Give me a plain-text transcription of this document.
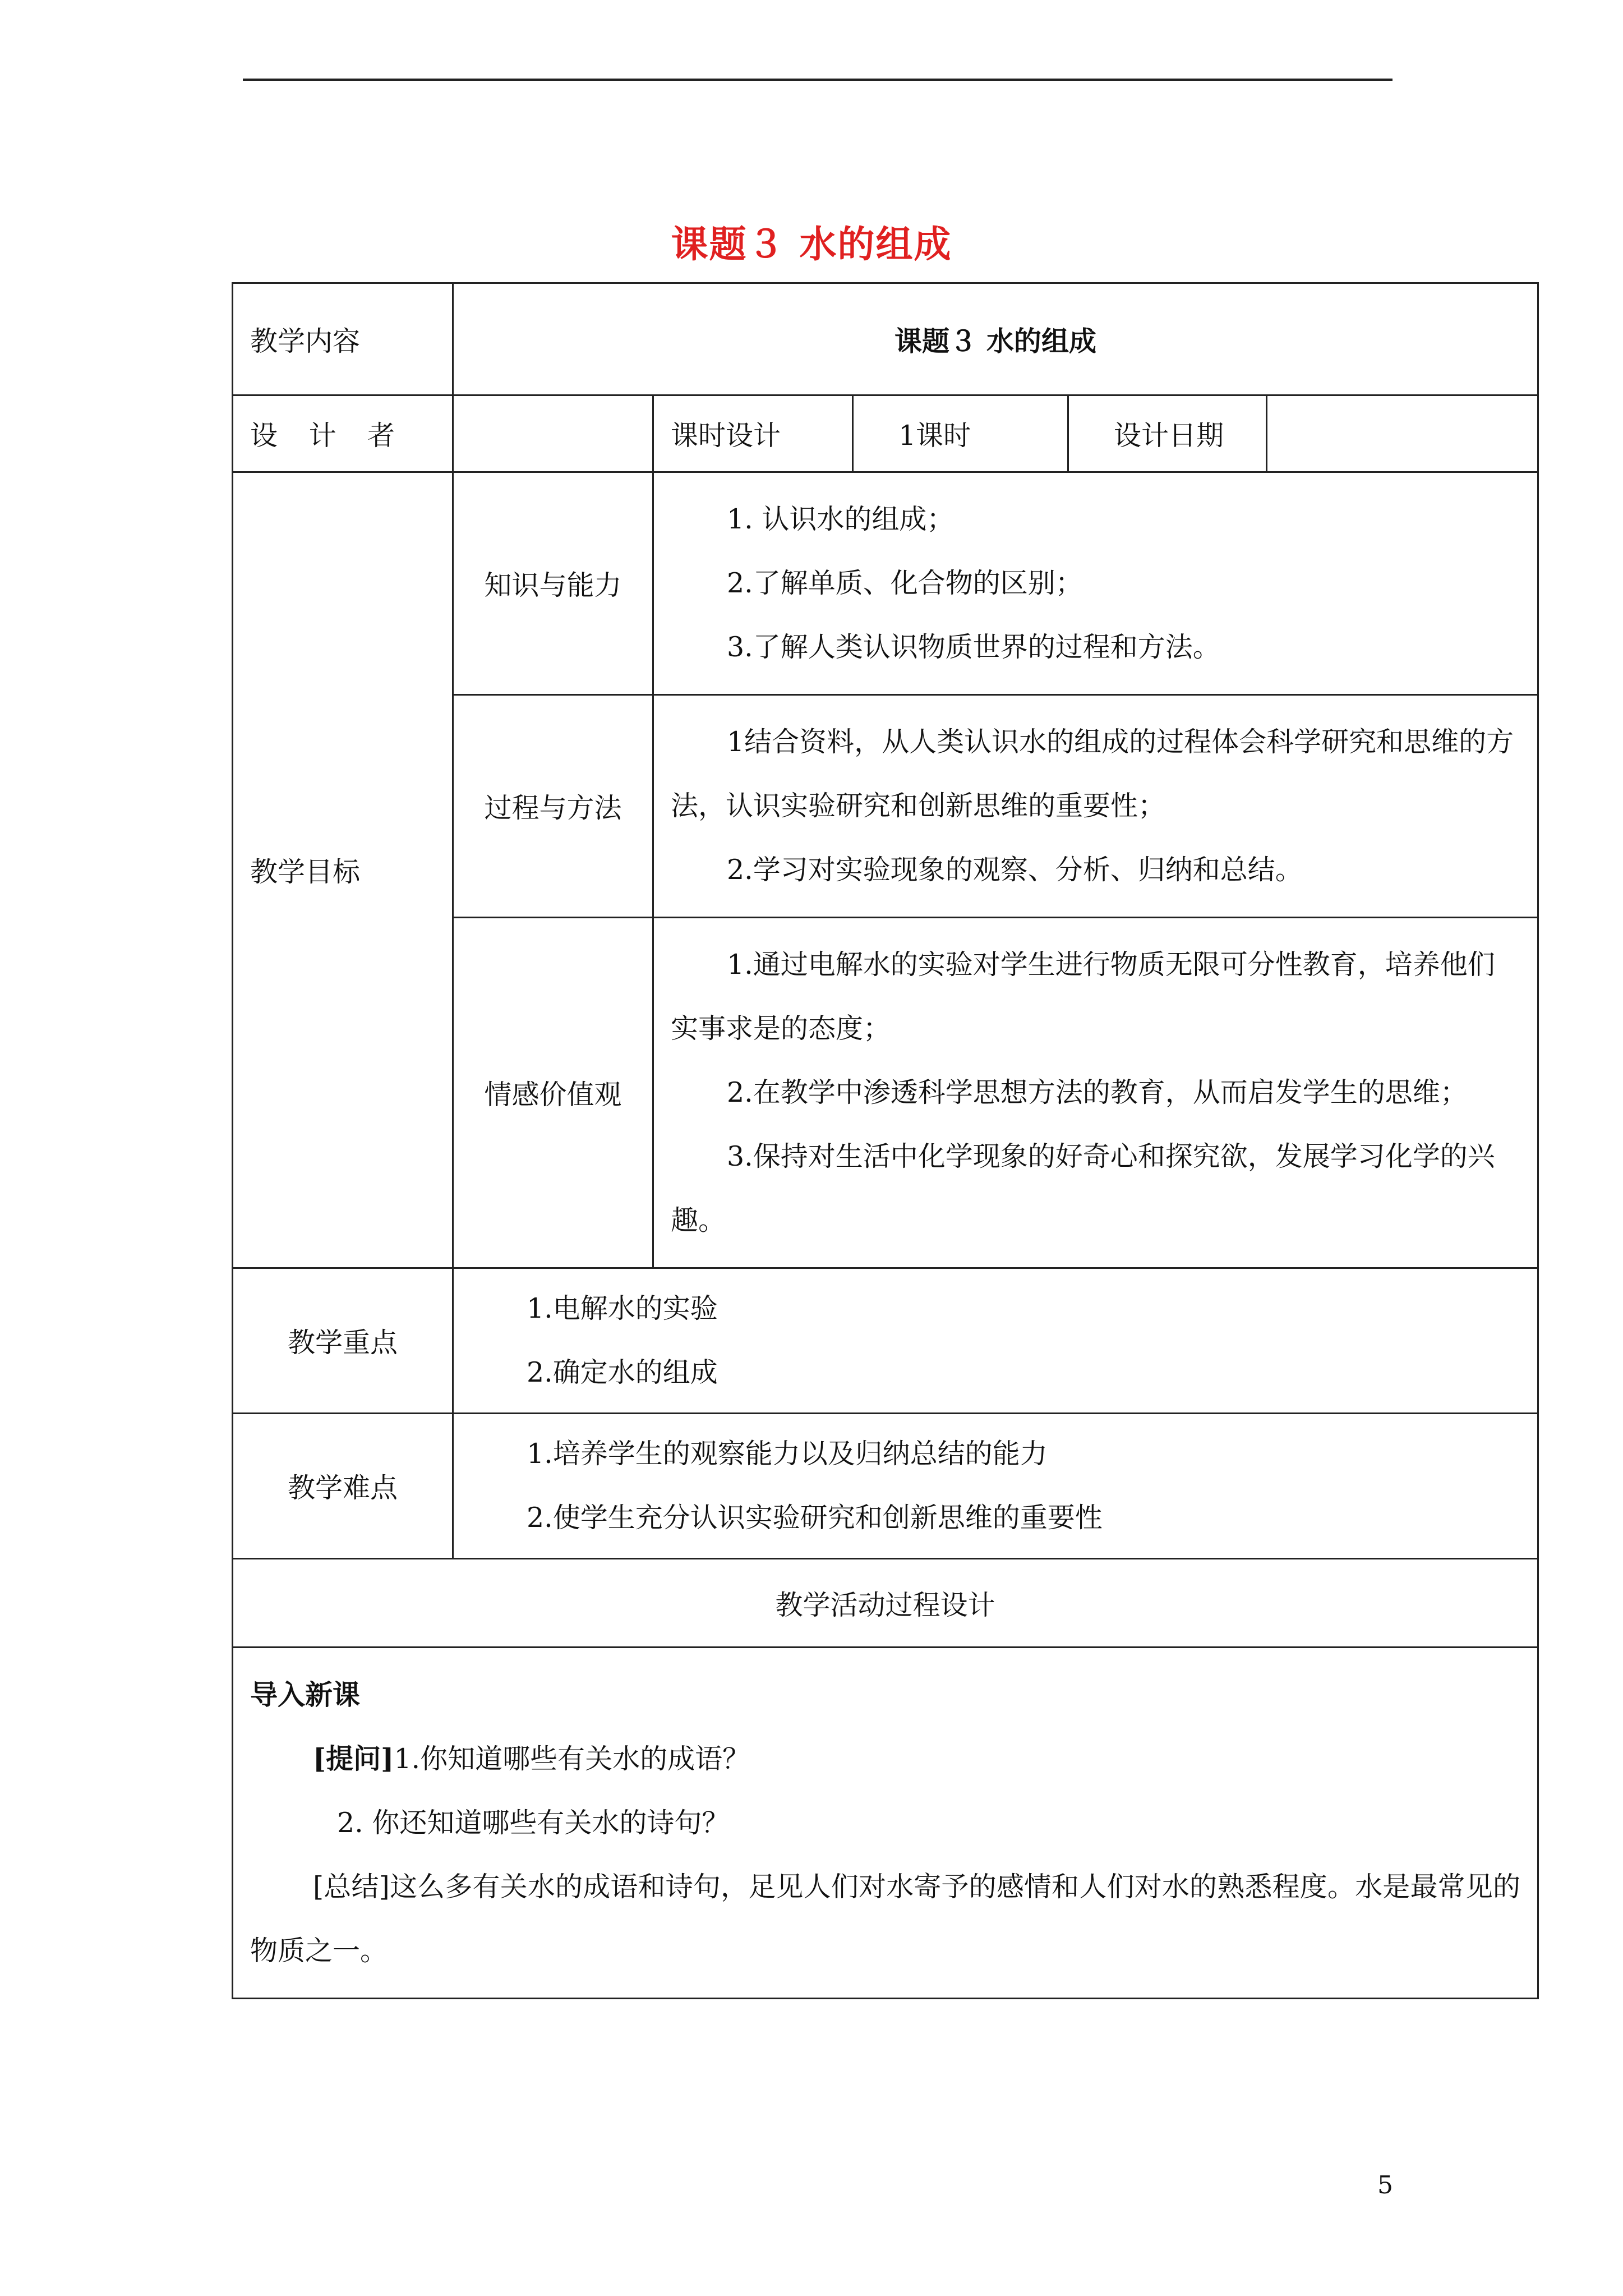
课题３ 水的组成
教学内容	课题３ 水的组成				
设 计 者		课时设计	1课时	设计日期	
教学目标	知识与能力	1. 认识水的组成；

2.了解单质、化合物的区别；

3.了解人类认识物质世界的过程和方法。			

	过程与方法	1结合资料，从人类认识水的组成的过程体会科学研究和思维的方法，认识实验研究和创新思维的重要性；

2.学习对实验现象的观察、分析、归纳和总结。			

	情感价值观	1.通过电解水的实验对学生进行物质无限可分性教育，培养他们实事求是的态度；

2.在教学中渗透科学思想方法的教育，从而启发学生的思维；

3.保持对生活中化学现象的好奇心和探究欲，发展学习化学的兴趣。			

教学重点	1.电解水的实验

2.确定水的组成				

教学难点	1.培养学生的观察能力以及归纳总结的能力

2.使学生充分认识实验研究和创新思维的重要性				

教学活动过程设计					

导入新课

[提问]1.你知道哪些有关水的成语？

2. 你还知道哪些有关水的诗句？

[总结]这么多有关水的成语和诗句，足见人们对水寄予的感情和人们对水的熟悉程度。水是最常见的物质之一。					

5
